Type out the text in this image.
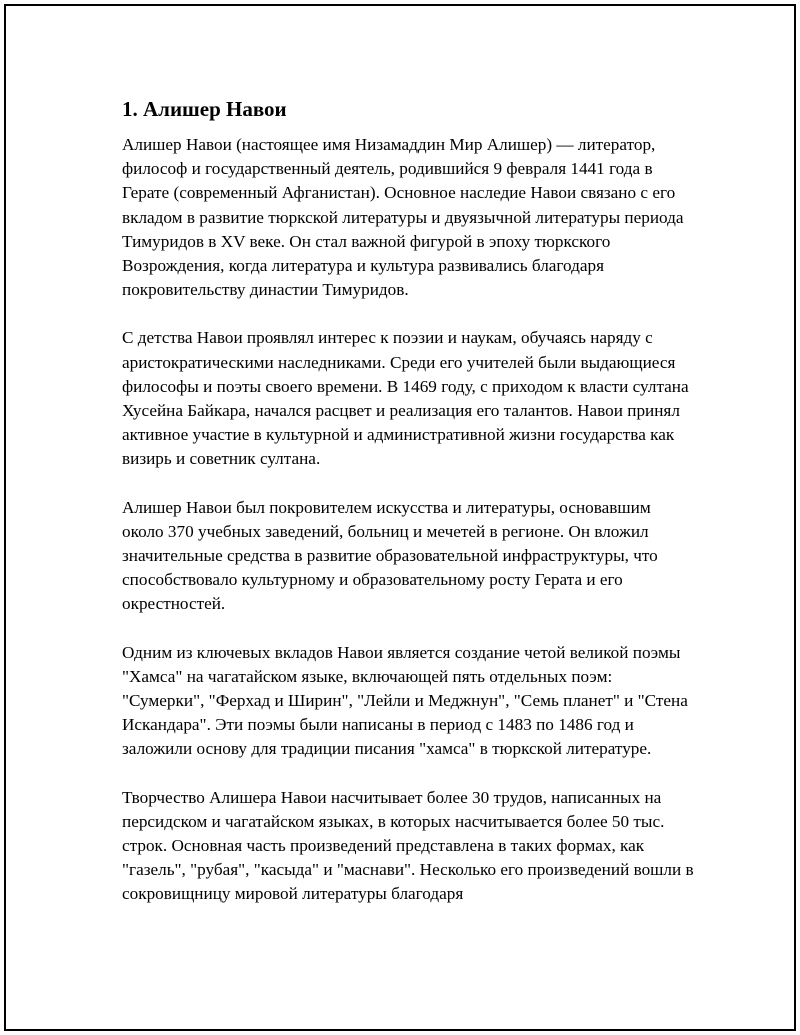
1. Алишер Навои

Алишер Навои (настоящее имя Низамаддин Мир Алишер) — литератор, философ и государственный деятель, родившийся 9 февраля 1441 года в Герате (современный Афганистан). Основное наследие Навои связано с его вкладом в развитие тюркской литературы и двуязычной литературы периода Тимуридов в XV веке. Он стал важной фигурой в эпоху тюркского Возрождения, когда литература и культура развивались благодаря покровительству династии Тимуридов.

С детства Навои проявлял интерес к поэзии и наукам, обучаясь наряду с аристократическими наследниками. Среди его учителей были выдающиеся философы и поэты своего времени. В 1469 году, с приходом к власти султана Хусейна Байкара, начался расцвет и реализация его талантов. Навои принял активное участие в культурной и административной жизни государства как визирь и советник султана.

Алишер Навои был покровителем искусства и литературы, основавшим около 370 учебных заведений, больниц и мечетей в регионе. Он вложил значительные средства в развитие образовательной инфраструктуры, что способствовало культурному и образовательному росту Герата и его окрестностей.

Одним из ключевых вкладов Навои является создание четой великой поэмы "Хамса" на чагатайском языке, включающей пять отдельных поэм: "Сумерки", "Ферхад и Ширин", "Лейли и Меджнун", "Семь планет" и "Стена Искандара". Эти поэмы были написаны в период с 1483 по 1486 год и заложили основу для традиции писания "хамса" в тюркской литературе.

Творчество Алишера Навои насчитывает более 30 трудов, написанных на персидском и чагатайском языках, в которых насчитывается более 50 тыс. строк. Основная часть произведений представлена в таких формах, как "газель", "рубая", "касыда" и "маснави". Несколько его произведений вошли в сокровищницу мировой литературы благодаря
